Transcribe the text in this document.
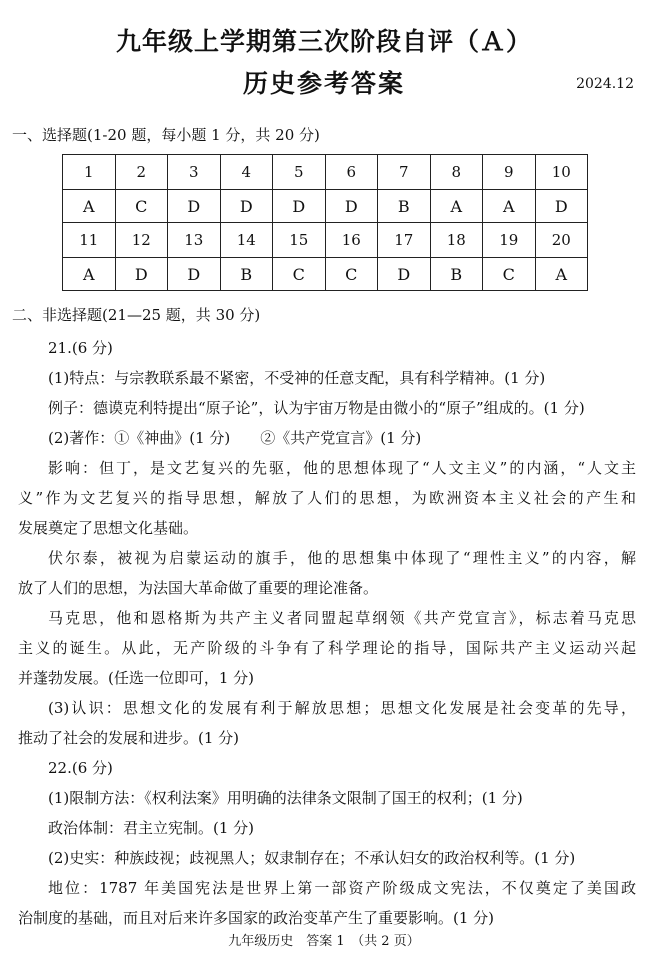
九年级上学期第三次阶段自评（Ａ）
历史参考答案	2024.12
一、选择题(1-20 题，每小题 1 分，共 20 分)
1	2	3	4	5	6	7	8	9	10
A	C	D	D	D	D	B	A	A	D
11	12	13	14	15	16	17	18	19	20
A	D	D	B	C	C	D	B	C	A
二、非选择题(21—25 题，共 30 分)
21.(6 分)
(1)特点：与宗教联系最不紧密，不受神的任意支配，具有科学精神。(1 分)
例子：德谟克利特提出“原子论”，认为宇宙万物是由微小的“原子”组成的。(1 分)
(2)著作：①《神曲》(1 分)　　②《共产党宣言》(1 分)
影响：但丁，是文艺复兴的先驱，他的思想体现了“人文主义”的内涵，“人文主
义”作为文艺复兴的指导思想，解放了人们的思想，为欧洲资本主义社会的产生和
发展奠定了思想文化基础。
伏尔泰，被视为启蒙运动的旗手，他的思想集中体现了“理性主义”的内容，解
放了人们的思想，为法国大革命做了重要的理论准备。
马克思，他和恩格斯为共产主义者同盟起草纲领《共产党宣言》，标志着马克思
主义的诞生。从此，无产阶级的斗争有了科学理论的指导，国际共产主义运动兴起
并蓬勃发展。(任选一位即可，1 分)
(3)认识：思想文化的发展有利于解放思想；思想文化发展是社会变革的先导，
推动了社会的发展和进步。(1 分)
22.(6 分)
(1)限制方法：《权利法案》用明确的法律条文限制了国王的权利；(1 分)
政治体制：君主立宪制。(1 分)
(2)史实：种族歧视；歧视黑人；奴隶制存在；不承认妇女的政治权利等。(1 分)
地位：1787 年美国宪法是世界上第一部资产阶级成文宪法，不仅奠定了美国政
治制度的基础，而且对后来许多国家的政治变革产生了重要影响。(1 分)
九年级历史　答案 1　（共 2 页）
